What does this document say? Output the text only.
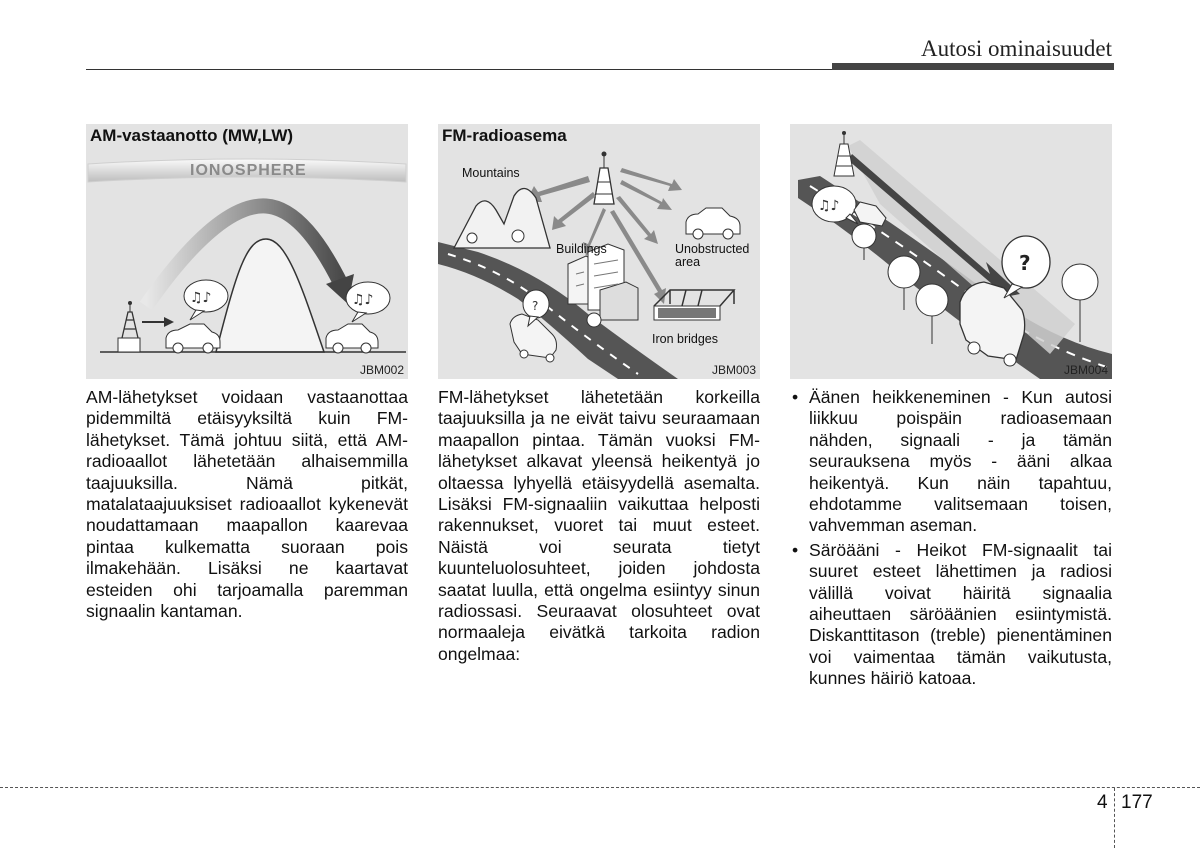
Autosi ominaisuudet
♫♪	♫♪
AM-vastaanotto (MW,LW)
IONOSPHERE
JBM002
?
FM-radioasema
Mountains
Buildings	Unobstructed area
Iron bridges
JBM003
♫♪
?
JBM004

AM-lähetykset voidaan vastaanottaa pidemmiltä etäisyyksiltä kuin FM-lähetykset. Tämä johtuu siitä, että AM-radioaallot lähetetään alhaisemmilla taajuuksilla. Nämä pitkät, matalataajuuksiset radioaallot kykenevät noudattamaan maapallon kaarevaa pintaa kulkematta suoraan pois ilmakehään. Lisäksi ne kaartavat esteiden ohi tarjoamalla paremman signaalin kantaman.

FM-lähetykset lähetetään korkeilla taajuuksilla ja ne eivät taivu seuraamaan maapallon pintaa. Tämän vuoksi FM-lähetykset alkavat yleensä heikentyä jo oltaessa lyhyellä etäisyydellä asemalta. Lisäksi FM-signaaliin vaikuttaa helposti rakennukset, vuoret tai muut esteet. Näistä voi seurata tietyt kuunteluolosuhteet, joiden johdosta saatat luulla, että ongelma esiintyy sinun radiossasi. Seuraavat olosuhteet ovat normaaleja eivätkä tarkoita radion ongelmaa:

• Äänen heikkeneminen - Kun autosi liikkuu poispäin radioasemaan nähden, signaali - ja tämän seurauksena myös - ääni alkaa heikentyä. Kun näin tapahtuu, ehdotamme valitsemaan toisen, vahvemman aseman.
• Säröääni - Heikot FM-signaalit tai suuret esteet lähettimen ja radiosi välillä voivat häiritä signaalia aiheuttaen säröäänien esiintymistä. Diskanttitason (treble) pienentäminen voi vaimentaa tämän vaikutusta, kunnes häiriö katoaa.
4 177
